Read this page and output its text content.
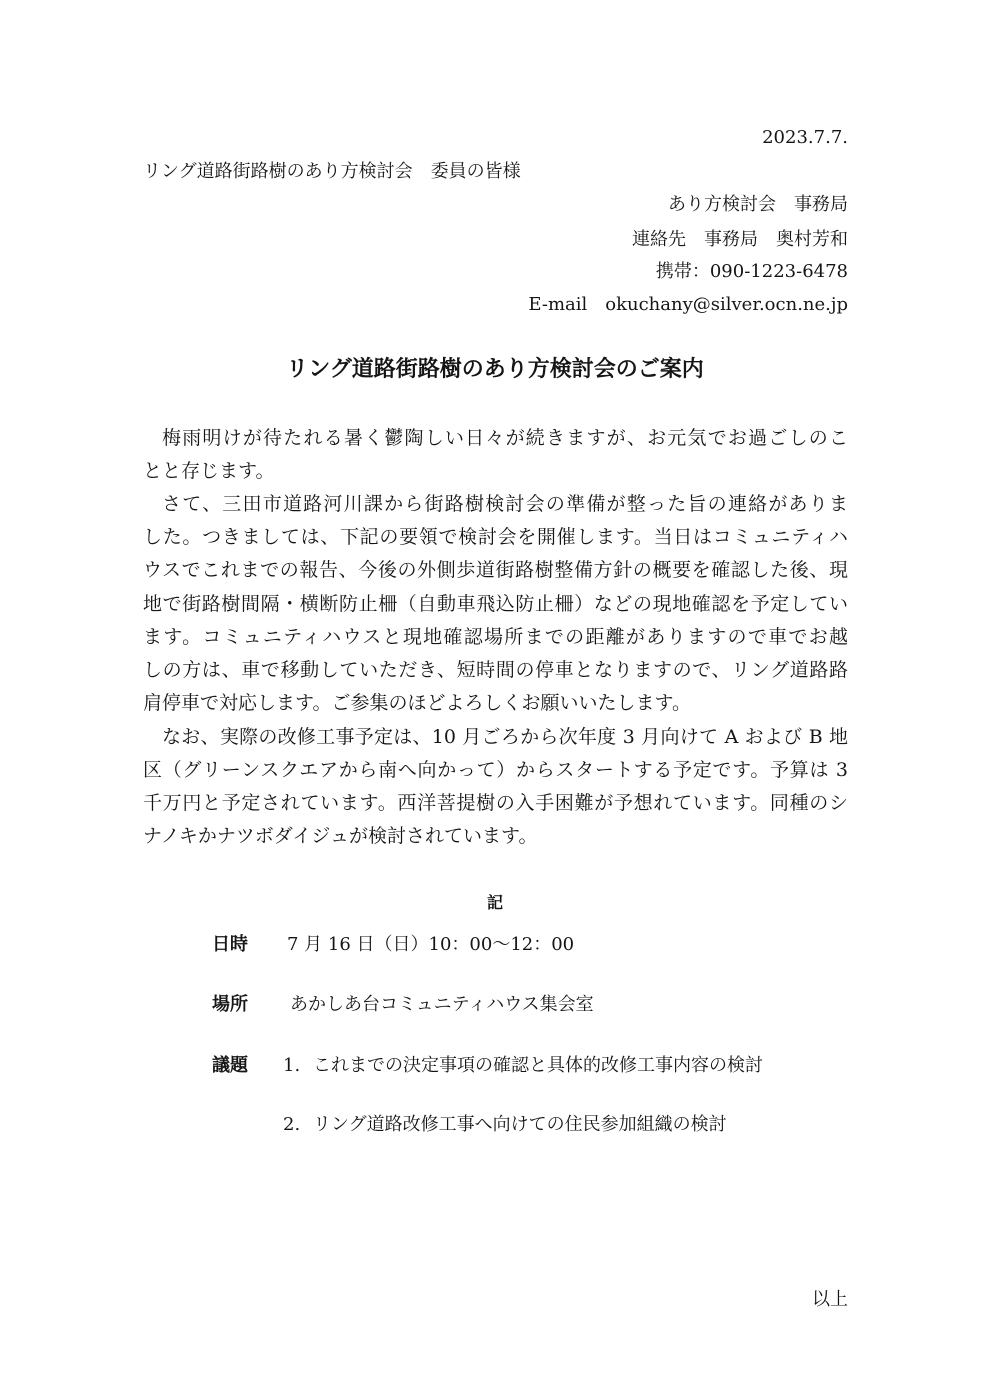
2023.7.7.
リング道路街路樹のあり方検討会　委員の皆様
あり方検討会　事務局
連絡先　事務局　奥村芳和
携帯：090-1223-6478
E-mail　okuchany@silver.ocn.ne.jp
リング道路街路樹のあり方検討会のご案内
梅雨明けが待たれる暑く鬱陶しい日々が続きますが、お元気でお過ごしのこ
とと存じます。
さて、三田市道路河川課から街路樹検討会の準備が整った旨の連絡がありま
した。つきましては、下記の要領で検討会を開催します。当日はコミュニティハ
ウスでこれまでの報告、今後の外側歩道街路樹整備方針の概要を確認した後、現
地で街路樹間隔・横断防止柵（自動車飛込防止柵）などの現地確認を予定してい
ます。コミュニティハウスと現地確認場所までの距離がありますので車でお越
しの方は、車で移動していただき、短時間の停車となりますので、リング道路路
肩停車で対応します。ご参集のほどよろしくお願いいたします。
なお、実際の改修工事予定は、10 月ごろから次年度 3 月向けて A および B 地
区（グリーンスクエアから南へ向かって）からスタートする予定です。予算は 3
千万円と予定されています。西洋菩提樹の入手困難が予想れています。同種のシ
ナノキかナツボダイジュが検討されています。
記
日時 7 月 16 日（日）10：00～12：00
場所 あかしあ台コミュニティハウス集会室
議題 1. これまでの決定事項の確認と具体的改修工事内容の検討
2. リング道路改修工事へ向けての住民参加組織の検討
以上
